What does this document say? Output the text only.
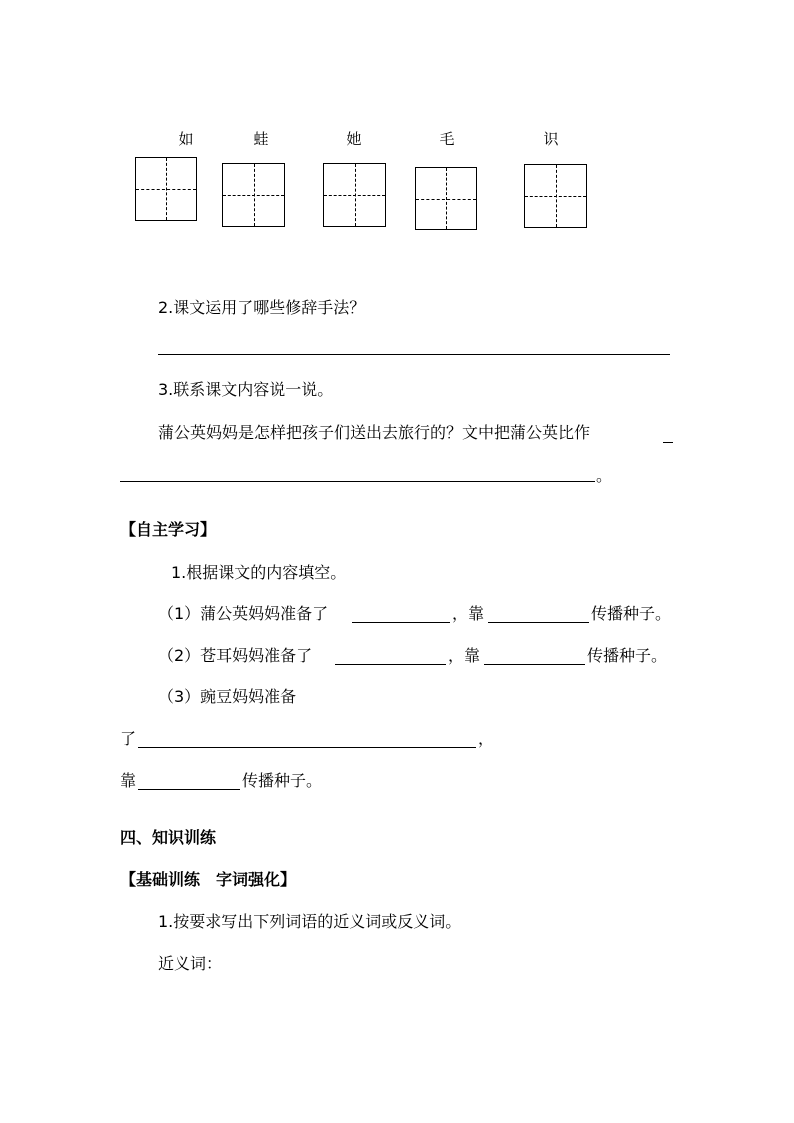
如	蛙	她	毛	识
2.课文运用了哪些修辞手法？
3.联系课文内容说一说。
蒲公英妈妈是怎样把孩子们送出去旅行的？文中把蒲公英比作
。
【自主学习】
1.根据课文的内容填空。
（1）蒲公英妈妈准备了	，靠	传播种子。
（2）苍耳妈妈准备了	，靠	传播种子。
（3）豌豆妈妈准备
了	，
靠	传播种子。
四、知识训练
【基础训练　字词强化】
1.按要求写出下列词语的近义词或反义词。
近义词：
